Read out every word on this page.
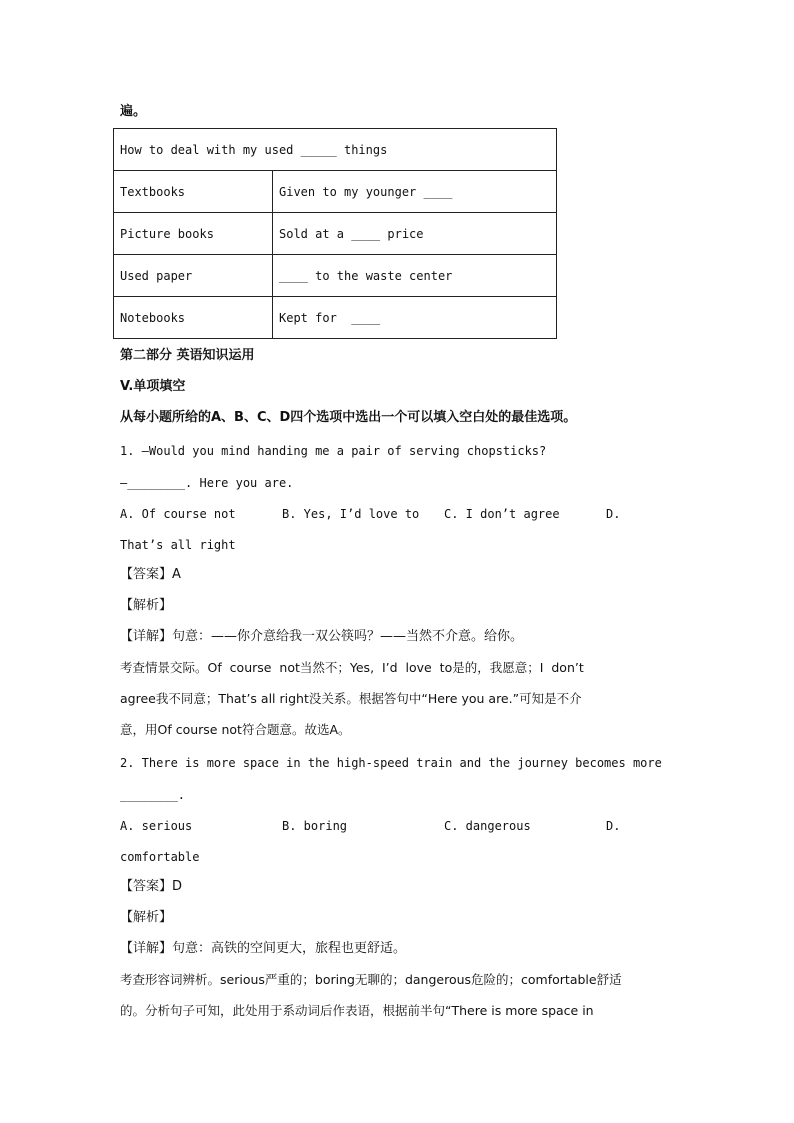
遍。
How to deal with my used _____ things	
Textbooks	Given to my younger ____
Picture books	Sold at a ____ price
Used paper	____ to the waste center
Notebooks	Kept for  ____
第二部分 英语知识运用
V.单项填空
从每小题所给的A、B、C、D四个选项中选出一个可以填入空白处的最佳选项。
1. —Would you mind handing me a pair of serving chopsticks?
—________. Here you are.
A. Of course not	B. Yes, I’d love to C. I don’t agree	D.
That’s all right
【答案】A
【解析】
【详解】句意：——你介意给我一双公筷吗？——当然不介意。给你。
考查情景交际。Of  course  not当然不；Yes,  I’d  love  to是的，我愿意；I  don’t
agree我不同意；That’s all right没关系。根据答句中“Here you are.”可知是不介
意，用Of course not符合题意。故选A。
2. There is more space in the high-speed train and the journey becomes more
________.
A. serious	B. boring	C. dangerous	D.
comfortable
【答案】D
【解析】
【详解】句意：高铁的空间更大，旅程也更舒适。
考查形容词辨析。serious严重的；boring无聊的；dangerous危险的；comfortable舒适
的。分析句子可知，此处用于系动词后作表语，根据前半句“There is more space in
